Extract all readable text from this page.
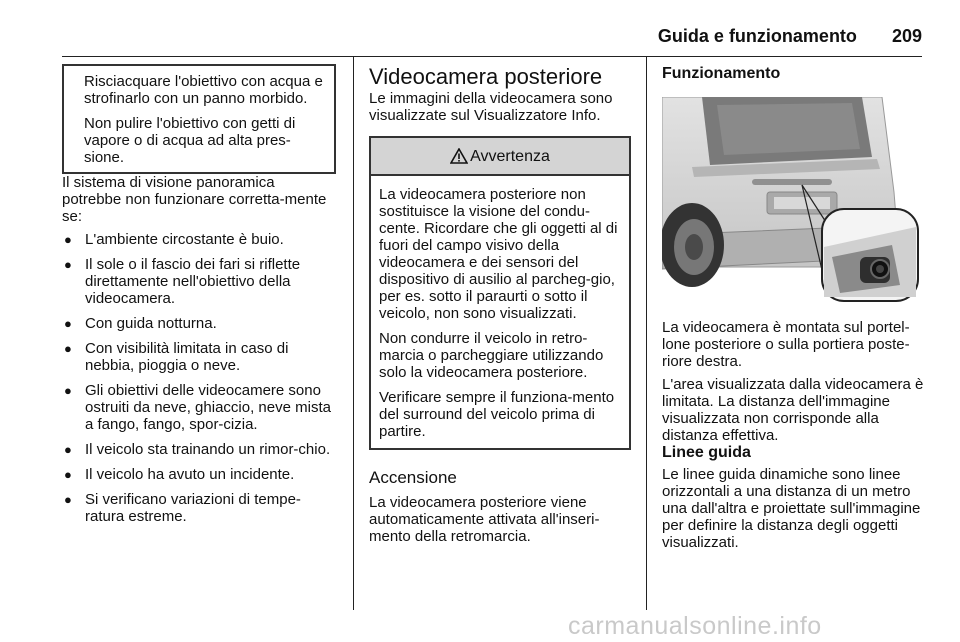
Guida e funzionamento 209

Risciacquare l'obiettivo con acqua e strofinarlo con un panno morbido.

Non pulire l'obiettivo con getti di vapore o di acqua ad alta pres-sione.

Il sistema di visione panoramica potrebbe non funzionare corretta-mente se:

● L'ambiente circostante è buio.
● Il sole o il fascio dei fari si riflette direttamente nell'obiettivo della videocamera.
● Con guida notturna.
● Con visibilità limitata in caso di nebbia, pioggia o neve.
● Gli obiettivi delle videocamere sono ostruiti da neve, ghiaccio, neve mista a fango, fango, spor-cizia.
● Il veicolo sta trainando un rimor-chio.
● Il veicolo ha avuto un incidente.
● Si verificano variazioni di tempe-ratura estreme.
Videocamera posteriore

Le immagini della videocamera sono visualizzate sul Visualizzatore Info.

Avvertenza

La videocamera posteriore non sostituisce la visione del condu-cente. Ricordare che gli oggetti al di fuori del campo visivo della videocamera e dei sensori del dispositivo di ausilio al parcheg-gio, per es. sotto il paraurti o sotto il veicolo, non sono visualizzati.

Non condurre il veicolo in retro-marcia o parcheggiare utilizzando solo la videocamera posteriore.

Verificare sempre il funziona-mento del surround del veicolo prima di partire.

Accensione

La videocamera posteriore viene automaticamente attivata all'inseri-mento della retromarcia.

Funzionamento

La videocamera è montata sul portel-lone posteriore o sulla portiera poste-riore destra.

L'area visualizzata dalla videocamera è limitata. La distanza dell'immagine visualizzata non corrisponde alla distanza effettiva.

Linee guida

Le linee guida dinamiche sono linee orizzontali a una distanza di un metro una dall'altra e proiettate sull'immagine per definire la distanza degli oggetti visualizzati.

carmanualsonline.info
